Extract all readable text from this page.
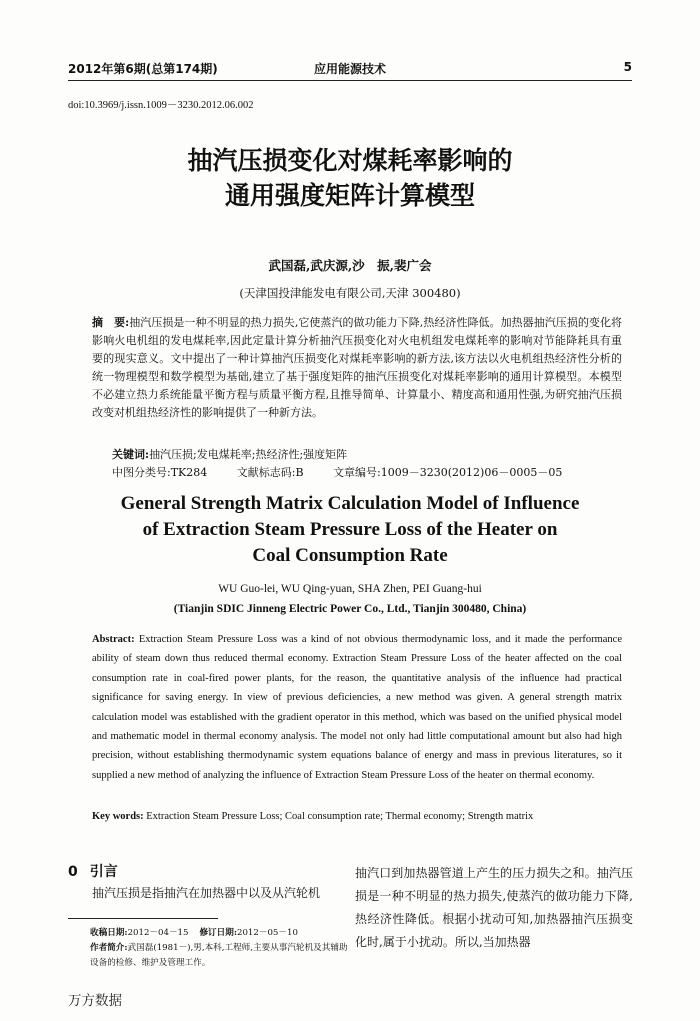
2012年第6期(总第174期)	应用能源技术	5
doi:10.3969/j.issn.1009－3230.2012.06.002
抽汽压损变化对煤耗率影响的
通用强度矩阵计算模型
武国磊,武庆源,沙　振,裴广会
(天津国投津能发电有限公司,天津 300480)
摘　要:抽汽压损是一种不明显的热力损失,它使蒸汽的做功能力下降,热经济性降低。加热器抽汽压损的变化将影响火电机组的发电煤耗率,因此定量计算分析抽汽压损变化对火电机组发电煤耗率的影响对节能降耗具有重要的现实意义。文中提出了一种计算抽汽压损变化对煤耗率影响的新方法,该方法以火电机组热经济性分析的统一物理模型和数学模型为基础,建立了基于强度矩阵的抽汽压损变化对煤耗率影响的通用计算模型。本模型不必建立热力系统能量平衡方程与质量平衡方程,且推导简单、计算量小、精度高和通用性强,为研究抽汽压损改变对机组热经济性的影响提供了一种新方法。
关键词:抽汽压损;发电煤耗率;热经济性;强度矩阵
中图分类号:TK284	文献标志码:B	文章编号:1009－3230(2012)06－0005－05
General Strength Matrix Calculation Model of Influence
of Extraction Steam Pressure Loss of the Heater on
Coal Consumption Rate
WU Guo-lei, WU Qing-yuan, SHA Zhen, PEI Guang-hui
(Tianjin SDIC Jinneng Electric Power Co., Ltd., Tianjin 300480, China)
Abstract: Extraction Steam Pressure Loss was a kind of not obvious thermodynamic loss, and it made the performance ability of steam down thus reduced thermal economy. Extraction Steam Pressure Loss of the heater affected on the coal consumption rate in coal-fired power plants, for the reason, the quantitative analysis of the influence had practical significance for saving energy. In view of previous deficiencies, a new method was given. A general strength matrix calculation model was established with the gradient operator in this method, which was based on the unified physical model and mathematic model in thermal economy analysis. The model not only had little computational amount but also had high precision, without establishing thermodynamic system equations balance of energy and mass in previous literatures, so it supplied a new method of analyzing the influence of Extraction Steam Pressure Loss of the heater on thermal economy.
Key words: Extraction Steam Pressure Loss; Coal consumption rate; Thermal economy; Strength matrix
0 引言
抽汽压损是指抽汽在加热器中以及从汽轮机
抽汽口到加热器管道上产生的压力损失之和。抽汽压损是一种不明显的热力损失,使蒸汽的做功能力下降,热经济性降低。根据小扰动可知,加热器抽汽压损变化时,属于小扰动。所以,当加热器
收稿日期:2012－04－15 修订日期:2012－05－10
作者简介:武国磊(1981－),男,本科,工程师,主要从事汽轮机及其辅助设备的检修、维护及管理工作。
万方数据
